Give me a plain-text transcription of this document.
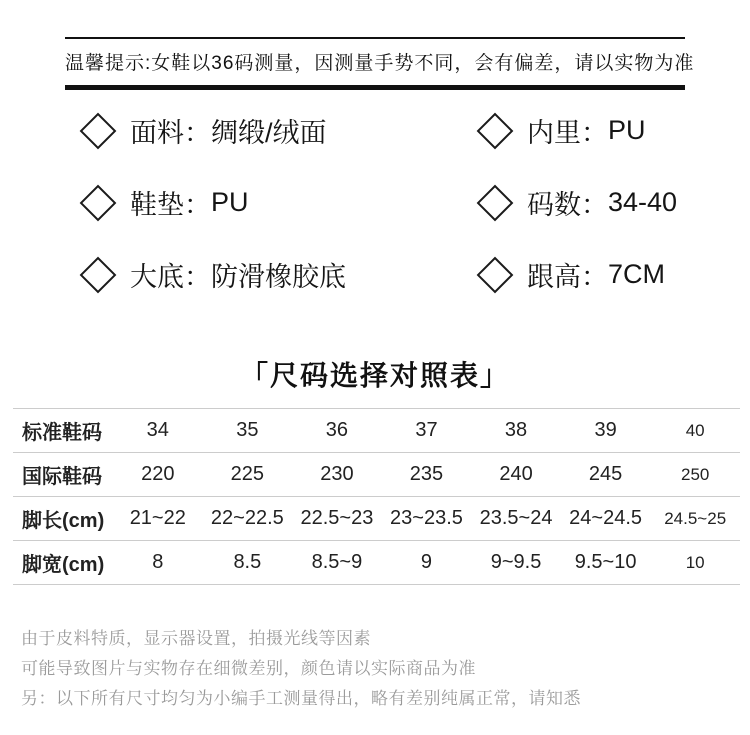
温馨提示:女鞋以36码测量，因测量手势不同，会有偏差，请以实物为准
面料 ： 绸缎/绒面	内里 ： PU
鞋垫 ： PU	码数 ： 34-40
大底 ： 防滑橡胶底	跟高 ： 7CM
「尺码选择对照表」
标准鞋码	34	35	36	37	38	39	40
国际鞋码	220	225	230	235	240	245	250
脚长(cm)	21~22	22~22.5	22.5~23	23~23.5	23.5~24	24~24.5	24.5~25
脚宽(cm)	8	8.5	8.5~9	9	9~9.5	9.5~10	10
由于皮料特质，显示器设置，拍摄光线等因素
可能导致图片与实物存在细微差别，颜色请以实际商品为准
另：以下所有尺寸均匀为小编手工测量得出，略有差别纯属正常，请知悉
